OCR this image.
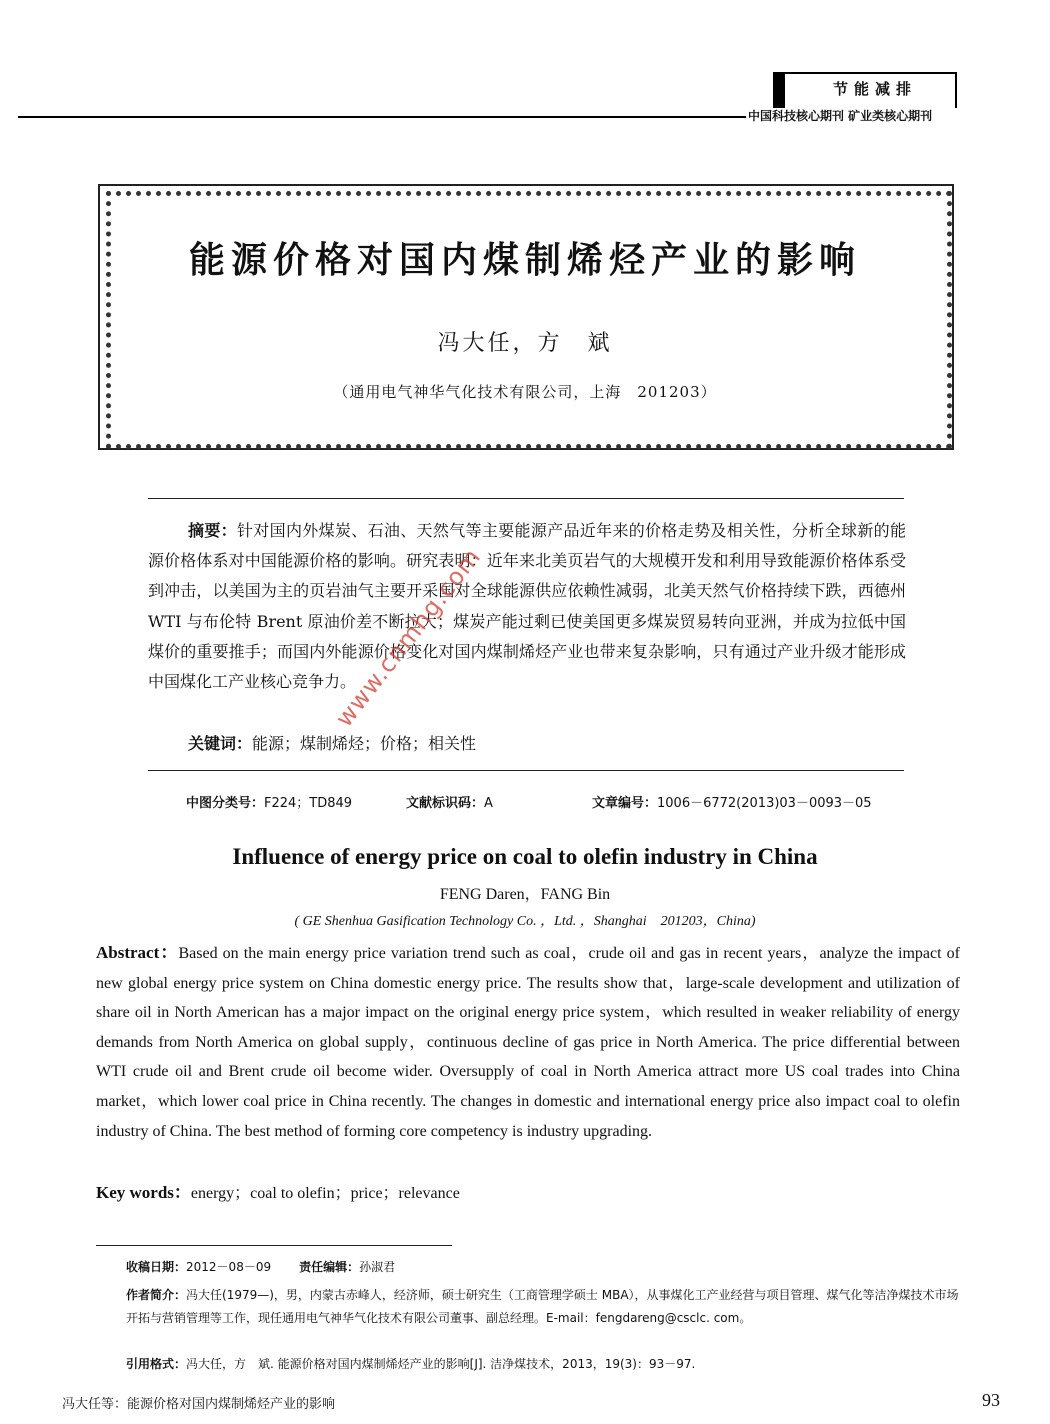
节能减排
中国科技核心期刊 矿业类核心期刊
能源价格对国内煤制烯烃产业的影响
冯大任，方　斌
（通用电气神华气化技术有限公司，上海　201203）
摘要：针对国内外煤炭、石油、天然气等主要能源产品近年来的价格走势及相关性，分析全球新的能源价格体系对中国能源价格的影响。研究表明：近年来北美页岩气的大规模开发和利用导致能源价格体系受到冲击，以美国为主的页岩油气主要开采国对全球能源供应依赖性减弱，北美天然气价格持续下跌，西德州 WTI 与布伦特 Brent 原油价差不断拉大；煤炭产能过剩已使美国更多煤炭贸易转向亚洲，并成为拉低中国煤价的重要推手；而国内外能源价格变化对国内煤制烯烃产业也带来复杂影响，只有通过产业升级才能形成中国煤化工产业核心竞争力。
关键词：能源；煤制烯烃；价格；相关性
中图分类号：F224；TD849	文献标识码：A	文章编号：1006－6772(2013)03－0093－05
Influence of energy price on coal to olefin industry in China
FENG Daren，FANG Bin
( GE Shenhua Gasification Technology Co. ，Ltd. ，Shanghai　201203，China)
Abstract：Based on the main energy price variation trend such as coal，crude oil and gas in recent years，analyze the impact of new global energy price system on China domestic energy price. The results show that，large-scale development and utilization of share oil in North American has a major impact on the original energy price system，which resulted in weaker reliability of energy demands from North America on global supply，continuous decline of gas price in North America. The price differential between WTI crude oil and Brent crude oil become wider. Oversupply of coal in North America attract more US coal trades into China market，which lower coal price in China recently. The changes in domestic and international energy price also impact coal to olefin industry of China. The best method of forming core competency is industry upgrading.
Key words：energy；coal to olefin；price；relevance
收稿日期：2012－08－09 责任编辑：孙淑君
作者简介：冯大任(1979—)，男，内蒙古赤峰人，经济师，硕士研究生（工商管理学硕士 MBA），从事煤化工产业经营与项目管理、煤气化等洁净煤技术市场开拓与营销管理等工作，现任通用电气神华气化技术有限公司董事、副总经理。E-mail：fengdareng@csclc. com。
引用格式：冯大任，方　斌. 能源价格对国内煤制烯烃产业的影响[J]. 洁净煤技术，2013，19(3)：93－97.
冯大任等：能源价格对国内煤制烯烃产业的影响	93
www.cnmhg.com
